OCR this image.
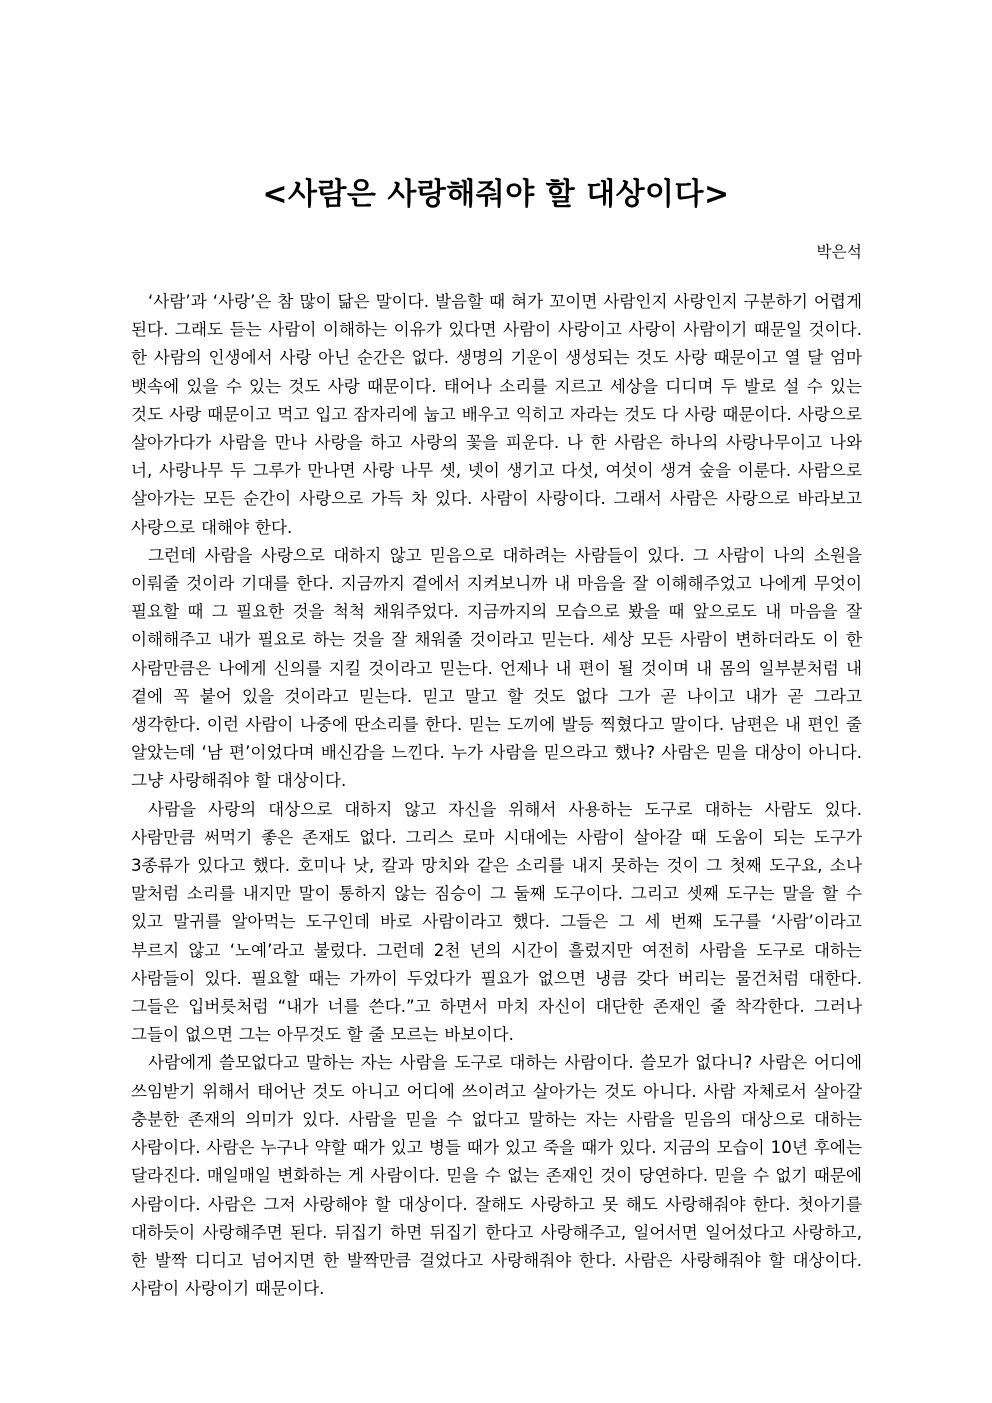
<사람은 사랑해줘야 할 대상이다>
박은석

‘사람’과 ‘사랑’은 참 많이 닮은 말이다. 발음할 때 혀가 꼬이면 사람인지 사랑인지 구분하기 어렵게 된다. 그래도 듣는 사람이 이해하는 이유가 있다면 사람이 사랑이고 사랑이 사람이기 때문일 것이다. 한 사람의 인생에서 사랑 아닌 순간은 없다. 생명의 기운이 생성되는 것도 사랑 때문이고 열 달 엄마 뱃속에 있을 수 있는 것도 사랑 때문이다. 태어나 소리를 지르고 세상을 디디며 두 발로 설 수 있는 것도 사랑 때문이고 먹고 입고 잠자리에 눕고 배우고 익히고 자라는 것도 다 사랑 때문이다. 사랑으로 살아가다가 사람을 만나 사랑을 하고 사랑의 꽃을 피운다. 나 한 사람은 하나의 사랑나무이고 나와 너, 사랑나무 두 그루가 만나면 사랑 나무 셋, 넷이 생기고 다섯, 여섯이 생겨 숲을 이룬다. 사람으로 살아가는 모든 순간이 사랑으로 가득 차 있다. 사람이 사랑이다. 그래서 사람은 사랑으로 바라보고 사랑으로 대해야 한다.

그런데 사람을 사랑으로 대하지 않고 믿음으로 대하려는 사람들이 있다. 그 사람이 나의 소원을 이뤄줄 것이라 기대를 한다. 지금까지 곁에서 지켜보니까 내 마음을 잘 이해해주었고 나에게 무엇이 필요할 때 그 필요한 것을 척척 채워주었다. 지금까지의 모습으로 봤을 때 앞으로도 내 마음을 잘 이해해주고 내가 필요로 하는 것을 잘 채워줄 것이라고 믿는다. 세상 모든 사람이 변하더라도 이 한 사람만큼은 나에게 신의를 지킬 것이라고 믿는다. 언제나 내 편이 될 것이며 내 몸의 일부분처럼 내 곁에 꼭 붙어 있을 것이라고 믿는다. 믿고 말고 할 것도 없다 그가 곧 나이고 내가 곧 그라고 생각한다. 이런 사람이 나중에 딴소리를 한다. 믿는 도끼에 발등 찍혔다고 말이다. 남편은 내 편인 줄 알았는데 ‘남 편’이었다며 배신감을 느낀다. 누가 사람을 믿으라고 했나? 사람은 믿을 대상이 아니다. 그냥 사랑해줘야 할 대상이다.

사람을 사랑의 대상으로 대하지 않고 자신을 위해서 사용하는 도구로 대하는 사람도 있다. 사람만큼 써먹기 좋은 존재도 없다. 그리스 로마 시대에는 사람이 살아갈 때 도움이 되는 도구가 3종류가 있다고 했다. 호미나 낫, 칼과 망치와 같은 소리를 내지 못하는 것이 그 첫째 도구요, 소나 말처럼 소리를 내지만 말이 통하지 않는 짐승이 그 둘째 도구이다. 그리고 셋째 도구는 말을 할 수 있고 말귀를 알아먹는 도구인데 바로 사람이라고 했다. 그들은 그 세 번째 도구를 ‘사람’이라고 부르지 않고 ‘노예’라고 불렀다. 그런데 2천 년의 시간이 흘렀지만 여전히 사람을 도구로 대하는 사람들이 있다. 필요할 때는 가까이 두었다가 필요가 없으면 냉큼 갖다 버리는 물건처럼 대한다. 그들은 입버릇처럼 “내가 너를 쓴다.”고 하면서 마치 자신이 대단한 존재인 줄 착각한다. 그러나 그들이 없으면 그는 아무것도 할 줄 모르는 바보이다.

사람에게 쓸모없다고 말하는 자는 사람을 도구로 대하는 사람이다. 쓸모가 없다니? 사람은 어디에 쓰임받기 위해서 태어난 것도 아니고 어디에 쓰이려고 살아가는 것도 아니다. 사람 자체로서 살아갈 충분한 존재의 의미가 있다. 사람을 믿을 수 없다고 말하는 자는 사람을 믿음의 대상으로 대하는 사람이다. 사람은 누구나 약할 때가 있고 병들 때가 있고 죽을 때가 있다. 지금의 모습이 10년 후에는 달라진다. 매일매일 변화하는 게 사람이다. 믿을 수 없는 존재인 것이 당연하다. 믿을 수 없기 때문에 사람이다. 사람은 그저 사랑해야 할 대상이다. 잘해도 사랑하고 못 해도 사랑해줘야 한다. 첫아기를 대하듯이 사랑해주면 된다. 뒤집기 하면 뒤집기 한다고 사랑해주고, 일어서면 일어섰다고 사랑하고, 한 발짝 디디고 넘어지면 한 발짝만큼 걸었다고 사랑해줘야 한다. 사람은 사랑해줘야 할 대상이다. 사람이 사랑이기 때문이다.
